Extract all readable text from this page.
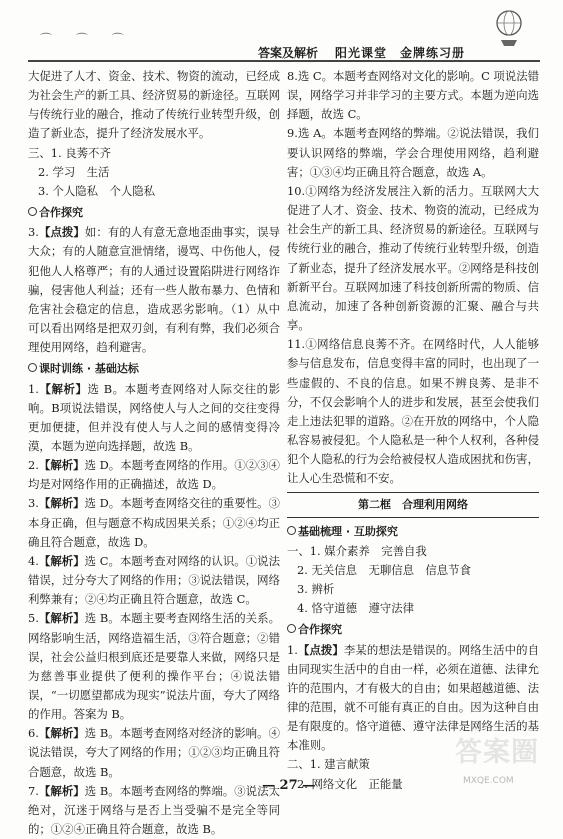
⌒ ⌒ ⌒
答案及解析 阳光课堂　金牌练习册

大促进了人才、资金、技术、物资的流动，已经成为社会生产的新工具、经济贸易的新途径。互联网与传统行业的融合，推动了传统行业转型升级，创造了新业态，提升了经济发展水平。

三、1. 良莠不齐

2. 学习　生活

3. 个人隐私　个人隐私

合作探究

3.【点拨】如：有的人有意无意地歪曲事实，误导大众；有的人随意宣泄情绪，谩骂、中伤他人，侵犯他人人格尊严；有的人通过设置陷阱进行网络诈骗，侵害他人利益；还有一些人散布暴力、色情和危害社会稳定的信息，造成恶劣影响。（1）从中可以看出网络是把双刃剑，有利有弊，我们必须合理使用网络，趋利避害。

课时训练 · 基础达标

1.【解析】选 B。本题考查网络对人际交往的影响。B项说法错误，网络使人与人之间的交往变得更加便捷，但并没有使人与人之间的感情变得冷漠，本题为逆向选择题，故选 B。

2.【解析】选 D。本题考查网络的作用。①②③④均是对网络作用的正确描述，故选 D。

3.【解析】选 D。本题考查网络交往的重要性。③本身正确，但与题意不构成因果关系；①②④均正确且符合题意，故选 D。

4.【解析】选 C。本题考查对网络的认识。①说法错误，过分夸大了网络的作用；③说法错误，网络利弊兼有；②④均正确且符合题意，故选 C。

5.【解析】选 B。本题主要考查网络生活的关系。网络影响生活，网络造福生活，③符合题意；②错误，社会公益归根到底还是要靠人来做，网络只是为慈善事业提供了便利的操作平台；④说法错误，“一切愿望都成为现实”说法片面，夸大了网络的作用。答案为 B。

6.【解析】选 B。本题考查网络对经济的影响。④说法错误，夸大了网络的作用；①②③均正确且符合题意，故选 B。

7.【解析】选 B。本题考查网络的弊端。③说法太绝对，沉迷于网络与是否上当受骗不是完全等同的；①②④正确且符合题意，故选 B。

8.选 C。本题考查网络对文化的影响。C 项说法错误，网络学习并非学习的主要方式。本题为逆向选择题，故选 C。

9.选 A。本题考查网络的弊端。②说法错误，我们要认识网络的弊端，学会合理使用网络，趋利避害；①③④均正确且符合题意，故选 A。

10.①网络为经济发展注入新的活力。互联网大大促进了人才、资金、技术、物资的流动，已经成为社会生产的新工具、经济贸易的新途径。互联网与传统行业的融合，推动了传统行业转型升级，创造了新业态，提升了经济发展水平。②网络是科技创新新平台。互联网加速了科技创新所需的物质、信息流动，加速了各种创新资源的汇聚、融合与共享。

11.①网络信息良莠不齐。在网络时代，人人能够参与信息发布，信息变得丰富的同时，也出现了一些虚假的、不良的信息。如果不辨良莠、是非不分，不仅会影响个人的进步和发展，甚至会使我们走上违法犯罪的道路。②在开放的网络中，个人隐私容易被侵犯。个人隐私是一种个人权利，各种侵犯个人隐私的行为会给被侵权人造成困扰和伤害，让人心生恐慌和不安。

第二框　合理利用网络
基础梳理 · 互助探究

一、1. 媒介素养　完善自我

2. 无关信息　无聊信息　信息节食

3. 辨析

4. 恪守道德　遵守法律

合作探究

1.【点拨】李某的想法是错误的。网络生活中的自由同现实生活中的自由一样，必须在道德、法律允许的范围内，才有极大的自由；如果超越道德、法律的范围，就不可能有真正的自由。因为这种自由是有限度的。恪守道德、遵守法律是网络生活的基本准则。

二、1. 建言献策

2. 网络文化　正能量

— 27 —
答案圈
MXQE.COM
